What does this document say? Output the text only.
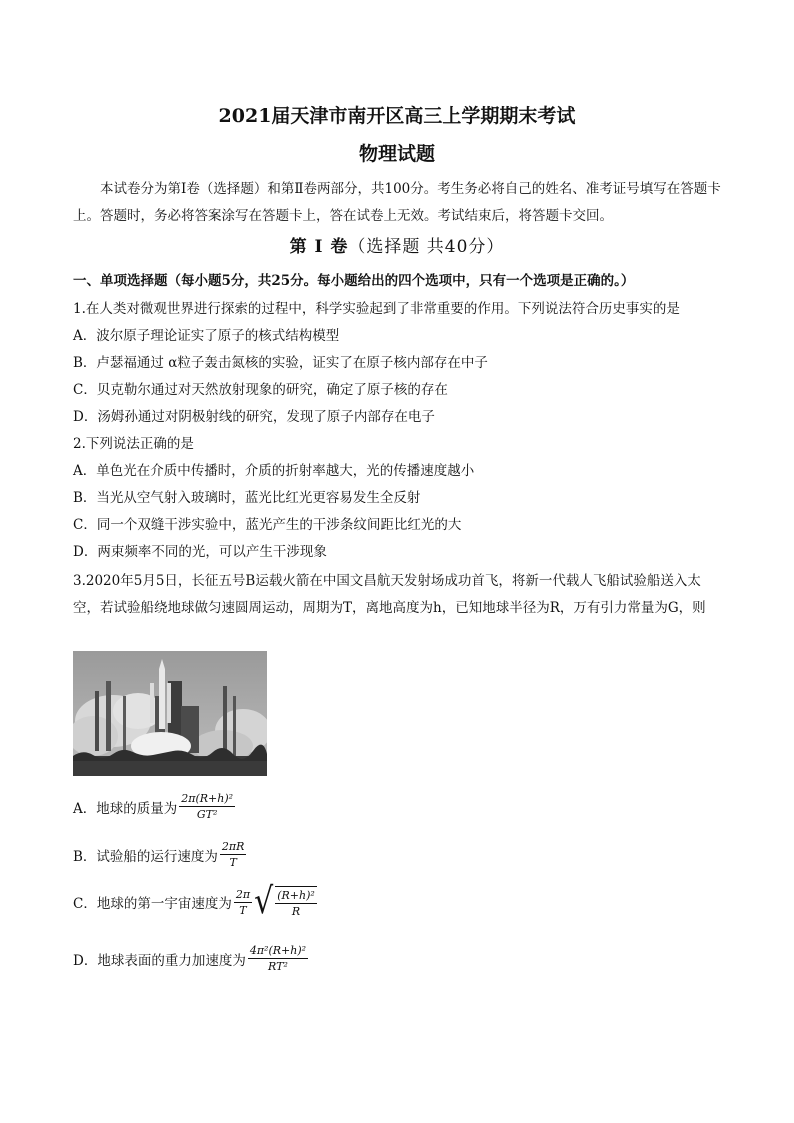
2021届天津市南开区高三上学期期末考试
物理试题
本试卷分为第Ⅰ卷（选择题）和第Ⅱ卷两部分，共100分。考生务必将自己的姓名、准考证号填写在答题卡上。答题时，务必将答案涂写在答题卡上，答在试卷上无效。考试结束后，将答题卡交回。
第 Ⅰ 卷（选择题 共40分）
一、单项选择题（每小题5分，共25分。每小题给出的四个选项中，只有一个选项是正确的。）
1.在人类对微观世界进行探索的过程中，科学实验起到了非常重要的作用。下列说法符合历史事实的是
A．波尔原子理论证实了原子的核式结构模型
B．卢瑟福通过 α粒子轰击氮核的实验，证实了在原子核内部存在中子
C．贝克勒尔通过对天然放射现象的研究，确定了原子核的存在
D．汤姆孙通过对阴极射线的研究，发现了原子内部存在电子
2.下列说法正确的是
A．单色光在介质中传播时，介质的折射率越大，光的传播速度越小
B．当光从空气射入玻璃时，蓝光比红光更容易发生全反射
C．同一个双缝干涉实验中，蓝光产生的干涉条纹间距比红光的大
D．两束频率不同的光，可以产生干涉现象
3.2020年5月5日，长征五号B运载火箭在中国文昌航天发射场成功首飞，将新一代载人飞船试验船送入太空，若试验船绕地球做匀速圆周运动，周期为T，离地高度为h，已知地球半径为R，万有引力常量为G，则
A．地球的质量为 $\frac{\text{2π(R+h)²}}{\text{GT²}}$
B．试验船的运行速度为 $\frac{2\pi R}{T}$
C．地球的第一宇宙速度为 $\frac{2\pi}{T}$ √ $\frac{\text{(R+h)²}}{R}$
D．地球表面的重力加速度为 $\frac{\text{4π²(R+h)²}}{\text{RT²}}$
